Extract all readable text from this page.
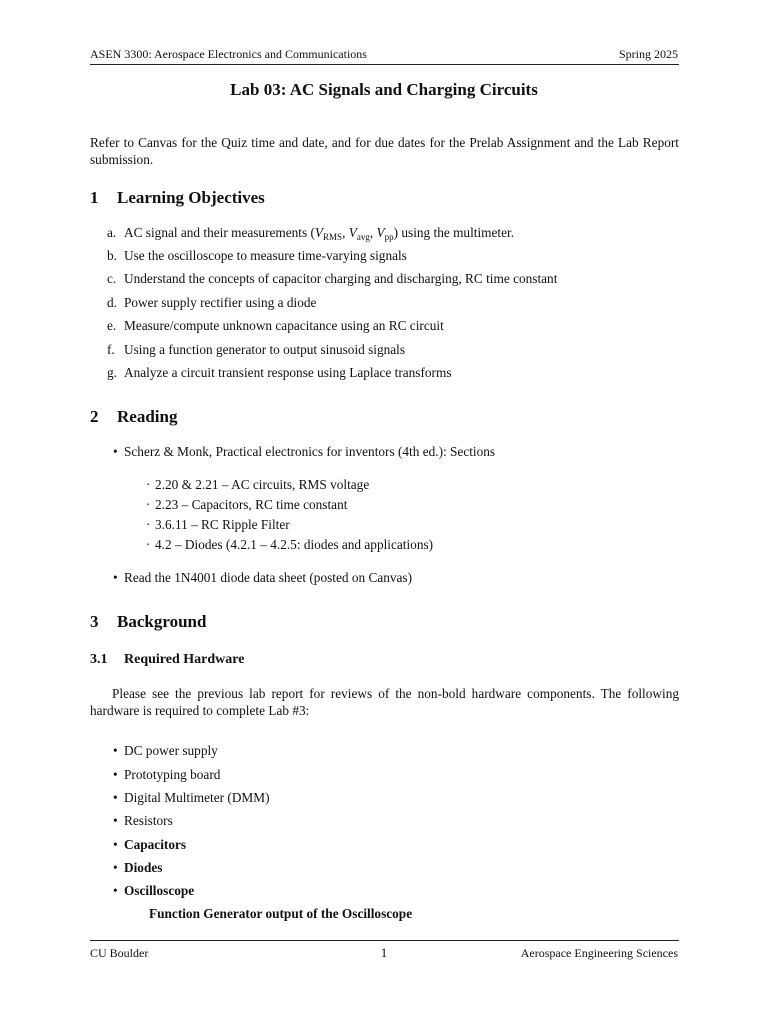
ASEN 3300: Aerospace Electronics and Communications	Spring 2025
Lab 03: AC Signals and Charging Circuits
Refer to Canvas for the Quiz time and date, and for due dates for the Prelab Assignment and the Lab Report submission.
1 Learning Objectives
a. AC signal and their measurements ($V_{RMS}$, $V_{avg}$, $V_{pp}$) using the multimeter.
b. Use the oscilloscope to measure time-varying signals
c. Understand the concepts of capacitor charging and discharging, RC time constant
d. Power supply rectifier using a diode
e. Measure/compute unknown capacitance using an RC circuit
f. Using a function generator to output sinusoid signals
g. Analyze a circuit transient response using Laplace transforms
2 Reading
• Scherz & Monk, Practical electronics for inventors (4th ed.): Sections
· 2.20 & 2.21 – AC circuits, RMS voltage
· 2.23 – Capacitors, RC time constant
· 3.6.11 – RC Ripple Filter
· 4.2 – Diodes (4.2.1 – 4.2.5: diodes and applications)
• Read the 1N4001 diode data sheet (posted on Canvas)
3 Background
3.1 Required Hardware
Please see the previous lab report for reviews of the non-bold hardware components. The following hardware is required to complete Lab #3:
• DC power supply
• Prototyping board
• Digital Multimeter (DMM)
• Resistors
• Capacitors
• Diodes
• Oscilloscope
Function Generator output of the Oscilloscope
CU Boulder	1	Aerospace Engineering Sciences
